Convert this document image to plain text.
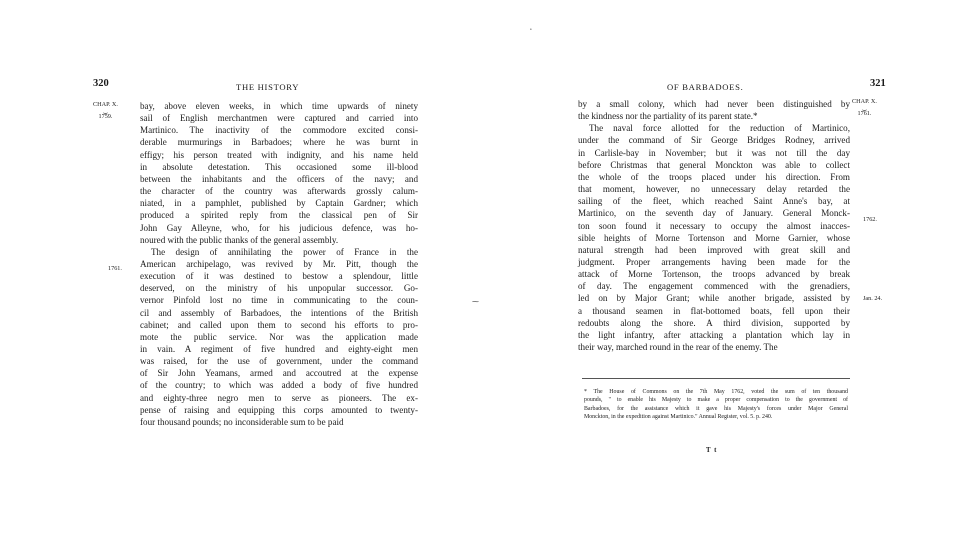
320	THE HISTORY
CHAP. X.
⏟
1759.
1761.
bay, above eleven weeks, in which time upwards of ninety
sail of English merchantmen were captured and carried into
Martinico. The inactivity of the commodore excited consi-
derable murmurings in Barbadoes; where he was burnt in
effigy; his person treated with indignity, and his name held
in absolute detestation. This occasioned some ill-blood
between the inhabitants and the officers of the navy; and
the character of the country was afterwards grossly calum-
niated, in a pamphlet, published by Captain Gardner; which
produced a spirited reply from the classical pen of Sir
John Gay Alleyne, who, for his judicious defence, was ho-
noured with the public thanks of the general assembly.
The design of annihilating the power of France in the
American archipelago, was revived by Mr. Pitt, though the
execution of it was destined to bestow a splendour, little
deserved, on the ministry of his unpopular successor. Go-
vernor Pinfold lost no time in communicating to the coun-
cil and assembly of Barbadoes, the intentions of the British
cabinet; and called upon them to second his efforts to pro-
mote the public service. Nor was the application made
in vain. A regiment of five hundred and eighty-eight men
was raised, for the use of government, under the command
of Sir John Yeamans, armed and accoutred at the expense
of the country; to which was added a body of five hundred
and eighty-three negro men to serve as pioneers. The ex-
pense of raising and equipping this corps amounted to twenty-
four thousand pounds; no inconsiderable sum to be paid
⁓
•
OF BARBADOES.	321
CHAP. X.
⏟
1761.
1762.
Jan. 24.
by a small colony, which had never been distinguished by
the kindness nor the partiality of its parent state.*
The naval force allotted for the reduction of Martinico,
under the command of Sir George Bridges Rodney, arrived
in Carlisle-bay in November; but it was not till the day
before Christmas that general Monckton was able to collect
the whole of the troops placed under his direction. From
that moment, however, no unnecessary delay retarded the
sailing of the fleet, which reached Saint Anne's bay, at
Martinico, on the seventh day of January. General Monck-
ton soon found it necessary to occupy the almost inacces-
sible heights of Morne Tortenson and Morne Garnier, whose
natural strength had been improved with great skill and
judgment. Proper arrangements having been made for the
attack of Morne Tortenson, the troops advanced by break
of day. The engagement commenced with the grenadiers,
led on by Major Grant; while another brigade, assisted by
a thousand seamen in flat-bottomed boats, fell upon their
redoubts along the shore. A third division, supported by
the light infantry, after attacking a plantation which lay in
their way, marched round in the rear of the enemy. The
* The House of Commons on the 7th May 1762, voted the sum of ten thousand
pounds, " to enable his Majesty to make a proper compensation to the government of
Barbadoes, for the assistance which it gave his Majesty's forces under Major General
Monckton, in the expedition against Martinico." Annual Register, vol. 5. p. 240.
T t
